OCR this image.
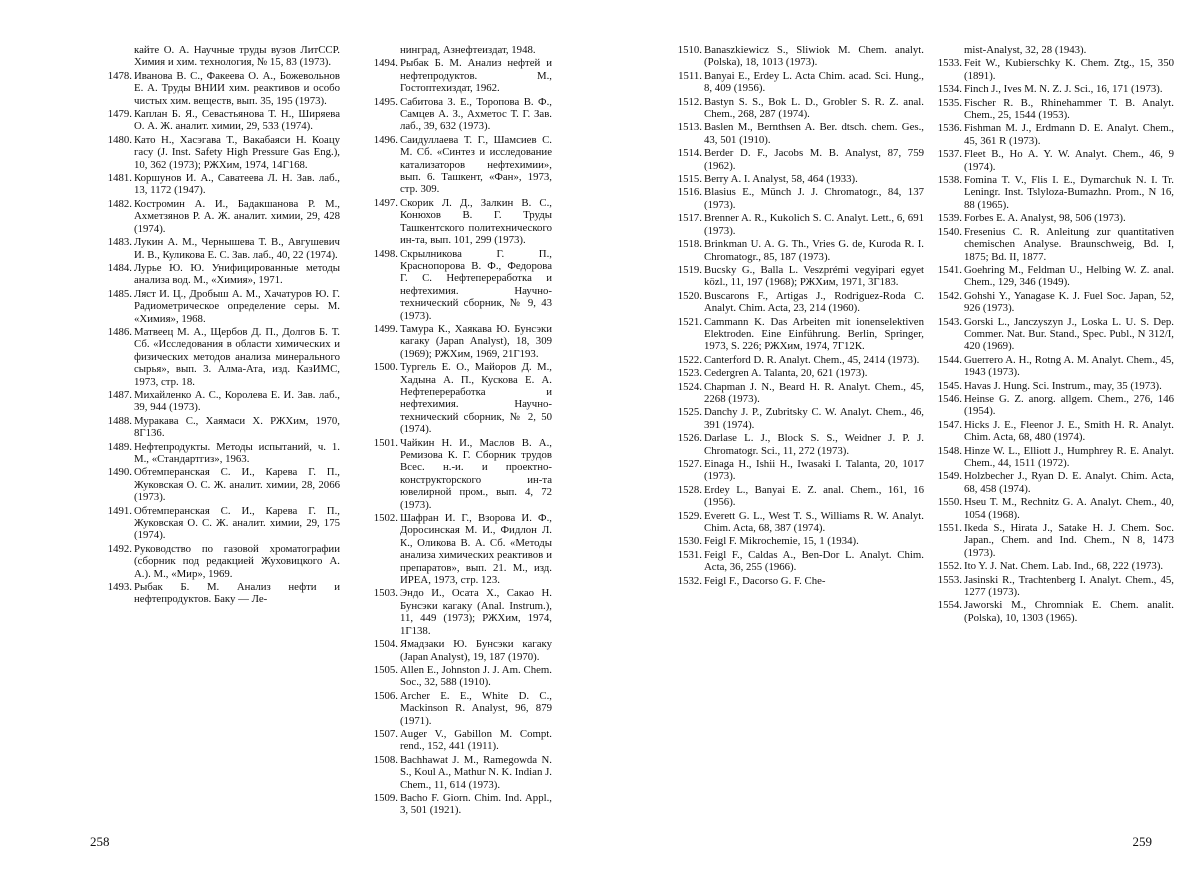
кайте О. А. Научные труды вузов ЛитССР. Химия и хим. технология, № 15, 83 (1973).
1478. Иванова В. С., Факеева О. А., Божевольнов Е. А. Труды ВНИИ хим. реактивов и особо чистых хим. веществ, вып. 35, 195 (1973).
1479. Каплан Б. Я., Севастьянова Т. Н., Ширяева О. А. Ж. аналит. химии, 29, 533 (1974).
1480. Като Н., Хасэгава Т., Вакабаяси Н. Коацу гасу (J. Inst. Safety High Pressure Gas Eng.), 10, 362 (1973); РЖХим, 1974, 14Г168.
1481. Коршунов И. А., Саватеева Л. Н. Зав. лаб., 13, 1172 (1947).
1482. Костромин А. И., Бадакшанова Р. М., Ахметзянов Р. А. Ж. аналит. химии, 29, 428 (1974).
1483. Лукин А. М., Чернышева Т. В., Авгушевич И. В., Куликова Е. С. Зав. лаб., 40, 22 (1974).
1484. Лурье Ю. Ю. Унифицированные методы анализа вод. М., «Химия», 1971.
1485. Ляст И. Ц., Дробыш А. М., Хачатуров Ю. Г. Радиометрическое определение серы. М. «Химия», 1968.
1486. Матвеец М. А., Щербов Д. П., Долгов Б. Т. Сб. «Исследования в области химических и физических методов анализа минерального сырья», вып. 3. Алма-Ата, изд. КазИМС, 1973, стр. 18.
1487. Михайленко А. С., Королева Е. И. Зав. лаб., 39, 944 (1973).
1488. Муракава С., Хаямаси Х. РЖХим, 1970, 8Г136.
1489. Нефтепродукты. Методы испытаний, ч. 1. М., «Стандартгиз», 1963.
1490. Обтемперанская С. И., Карева Г. П., Жуковская О. С. Ж. аналит. химии, 28, 2066 (1973).
1491. Обтемперанская С. И., Карева Г. П., Жуковская О. С. Ж. аналит. химии, 29, 175 (1974).
1492. Руководство по газовой хроматографии (сборник под редакцией Жуховицкого А. А.). М., «Мир», 1969.
1493. Рыбак Б. М. Анализ нефти и нефтепродуктов. Баку — Ле-
нинград, Азнефтеиздат, 1948.
1494. Рыбак Б. М. Анализ нефтей и нефтепродуктов. М., Гостоптехиздат, 1962.
1495. Сабитова З. Е., Торопова В. Ф., Самцев А. З., Ахметос Т. Г. Зав. лаб., 39, 632 (1973).
1496. Саидуллаева Т. Г., Шамсиев С. М. Сб. «Синтез и исследование катализаторов нефтехимии», вып. 6. Ташкент, «Фан», 1973, стр. 309.
1497. Скорик Л. Д., Залкин В. С., Конюхов В. Г. Труды Ташкентского политехнического ин-та, вып. 101, 299 (1973).
1498. Скрылникова Г. П., Краснопорова В. Ф., Федорова Г. С. Нефтепереработка и нефтехимия. Научно-технический сборник, № 9, 43 (1973).
1499. Тамура К., Хаякава Ю. Бунсэки кагаку (Japan Analyst), 18, 309 (1969); РЖХим, 1969, 21Г193.
1500. Тургель Е. О., Майоров Д. М., Хадына А. П., Кускова Е. А. Нефтепереработка и нефтехимия. Научно-технический сборник, № 2, 50 (1974).
1501. Чайкин Н. И., Маслов В. А., Ремизова К. Г. Сборник трудов Всес. н.-и. и проектно-конструкторского ин-та ювелирной пром., вып. 4, 72 (1973).
1502. Шафран И. Г., Взорова И. Ф., Доросинская М. И., Фидлон Л. К., Оликова В. А. Сб. «Методы анализа химических реактивов и препаратов», вып. 21. М., изд. ИРЕА, 1973, стр. 123.
1503. Эндо И., Осата Х., Сакао Н. Бунсэки кагаку (Anal. Instrum.), 11, 449 (1973); РЖХим, 1974, 1Г138.
1504. Ямадзаки Ю. Бунсэки кагаку (Japan Analyst), 19, 187 (1970).
1505. Allen E., Johnston J. J. Am. Chem. Soc., 32, 588 (1910).
1506. Archer E. E., White D. C., Mackinson R. Analyst, 96, 879 (1971).
1507. Auger V., Gabillon M. Compt. rend., 152, 441 (1911).
1508. Bachhawat J. M., Ramegowda N. S., Koul A., Mathur N. K. Indian J. Chem., 11, 614 (1973).
1509. Bacho F. Giorn. Chim. Ind. Appl., 3, 501 (1921).
258
1510. Banaszkiewicz S., Sliwiok M. Chem. analyt. (Polska), 18, 1013 (1973).
1511. Banyai E., Erdey L. Acta Chim. acad. Sci. Hung., 8, 409 (1956).
1512. Bastyn S. S., Bok L. D., Grobler S. R. Z. anal. Chem., 268, 287 (1974).
1513. Baslen M., Bernthsen A. Ber. dtsch. chem. Ges., 43, 501 (1910).
1514. Berder D. F., Jacobs M. B. Analyst, 87, 759 (1962).
1515. Berry A. I. Analyst, 58, 464 (1933).
1516. Blasius E., Münch J. J. Chromatogr., 84, 137 (1973).
1517. Brenner A. R., Kukolich S. C. Analyt. Lett., 6, 691 (1973).
1518. Brinkman U. A. G. Th., Vries G. de, Kuroda R. I. Chromatogr., 85, 187 (1973).
1519. Bucsky G., Balla L. Veszprémi vegyipari egyet közl., 11, 197 (1968); РЖХим, 1971, 3Г183.
1520. Buscarons F., Artigas J., Rodriguez-Roda C. Analyt. Chim. Acta, 23, 214 (1960).
1521. Cammann K. Das Arbeiten mit ionenselektiven Elektroden. Eine Einführung. Berlin, Springer, 1973, S. 226; РЖХим, 1974, 7Г12К.
1522. Canterford D. R. Analyt. Chem., 45, 2414 (1973).
1523. Cedergren A. Talanta, 20, 621 (1973).
1524. Chapman J. N., Beard H. R. Analyt. Chem., 45, 2268 (1973).
1525. Danchy J. P., Zubritsky C. W. Analyt. Chem., 46, 391 (1974).
1526. Darlase L. J., Block S. S., Weidner J. P. J. Chromatogr. Sci., 11, 272 (1973).
1527. Einaga H., Ishii H., Iwasaki I. Talanta, 20, 1017 (1973).
1528. Erdey L., Banyai E. Z. anal. Chem., 161, 16 (1956).
1529. Everett G. L., West T. S., Williams R. W. Analyt. Chim. Acta, 68, 387 (1974).
1530. Feigl F. Mikrochemie, 15, 1 (1934).
1531. Feigl F., Caldas A., Ben-Dor L. Analyt. Chim. Acta, 36, 255 (1966).
1532. Feigl F., Dacorso G. F. Che-
mist-Analyst, 32, 28 (1943).
1533. Feit W., Kubierschky K. Chem. Ztg., 15, 350 (1891).
1534. Finch J., Ives M. N. Z. J. Sci., 16, 171 (1973).
1535. Fischer R. B., Rhinehammer T. B. Analyt. Chem., 25, 1544 (1953).
1536. Fishman M. J., Erdmann D. E. Analyt. Chem., 45, 361 R (1973).
1537. Fleet B., Ho A. Y. W. Analyt. Chem., 46, 9 (1974).
1538. Fomina T. V., Flis I. E., Dymarchuk N. I. Tr. Leningr. Inst. Tslyloza-Bumazhn. Prom., N 16, 88 (1965).
1539. Forbes E. A. Analyst, 98, 506 (1973).
1540. Fresenius C. R. Anleitung zur quantitativen chemischen Analyse. Braunschweig, Bd. I, 1875; Bd. II, 1877.
1541. Goehring M., Feldman U., Helbing W. Z. anal. Chem., 129, 346 (1949).
1542. Gohshi Y., Yanagase K. J. Fuel Soc. Japan, 52, 926 (1973).
1543. Gorski L., Janczyszyn J., Loska L. U. S. Dep. Commer. Nat. Bur. Stand., Spec. Publ., N 312/I, 420 (1969).
1544. Guerrero A. H., Rotng A. M. Analyt. Chem., 45, 1943 (1973).
1545. Havas J. Hung. Sci. Instrum., may, 35 (1973).
1546. Heinse G. Z. anorg. allgem. Chem., 276, 146 (1954).
1547. Hicks J. E., Fleenor J. E., Smith H. R. Analyt. Chim. Acta, 68, 480 (1974).
1548. Hinze W. L., Elliott J., Humphrey R. E. Analyt. Chem., 44, 1511 (1972).
1549. Holzbecher J., Ryan D. E. Analyt. Chim. Acta, 68, 458 (1974).
1550. Hseu T. M., Rechnitz G. A. Analyt. Chem., 40, 1054 (1968).
1551. Ikeda S., Hirata J., Satake H. J. Chem. Soc. Japan., Chem. and Ind. Chem., N 8, 1473 (1973).
1552. Ito Y. J. Nat. Chem. Lab. Ind., 68, 222 (1973).
1553. Jasinski R., Trachtenberg I. Analyt. Chem., 45, 1277 (1973).
1554. Jaworski M., Chromniak E. Chem. analit. (Polska), 10, 1303 (1965).
259
